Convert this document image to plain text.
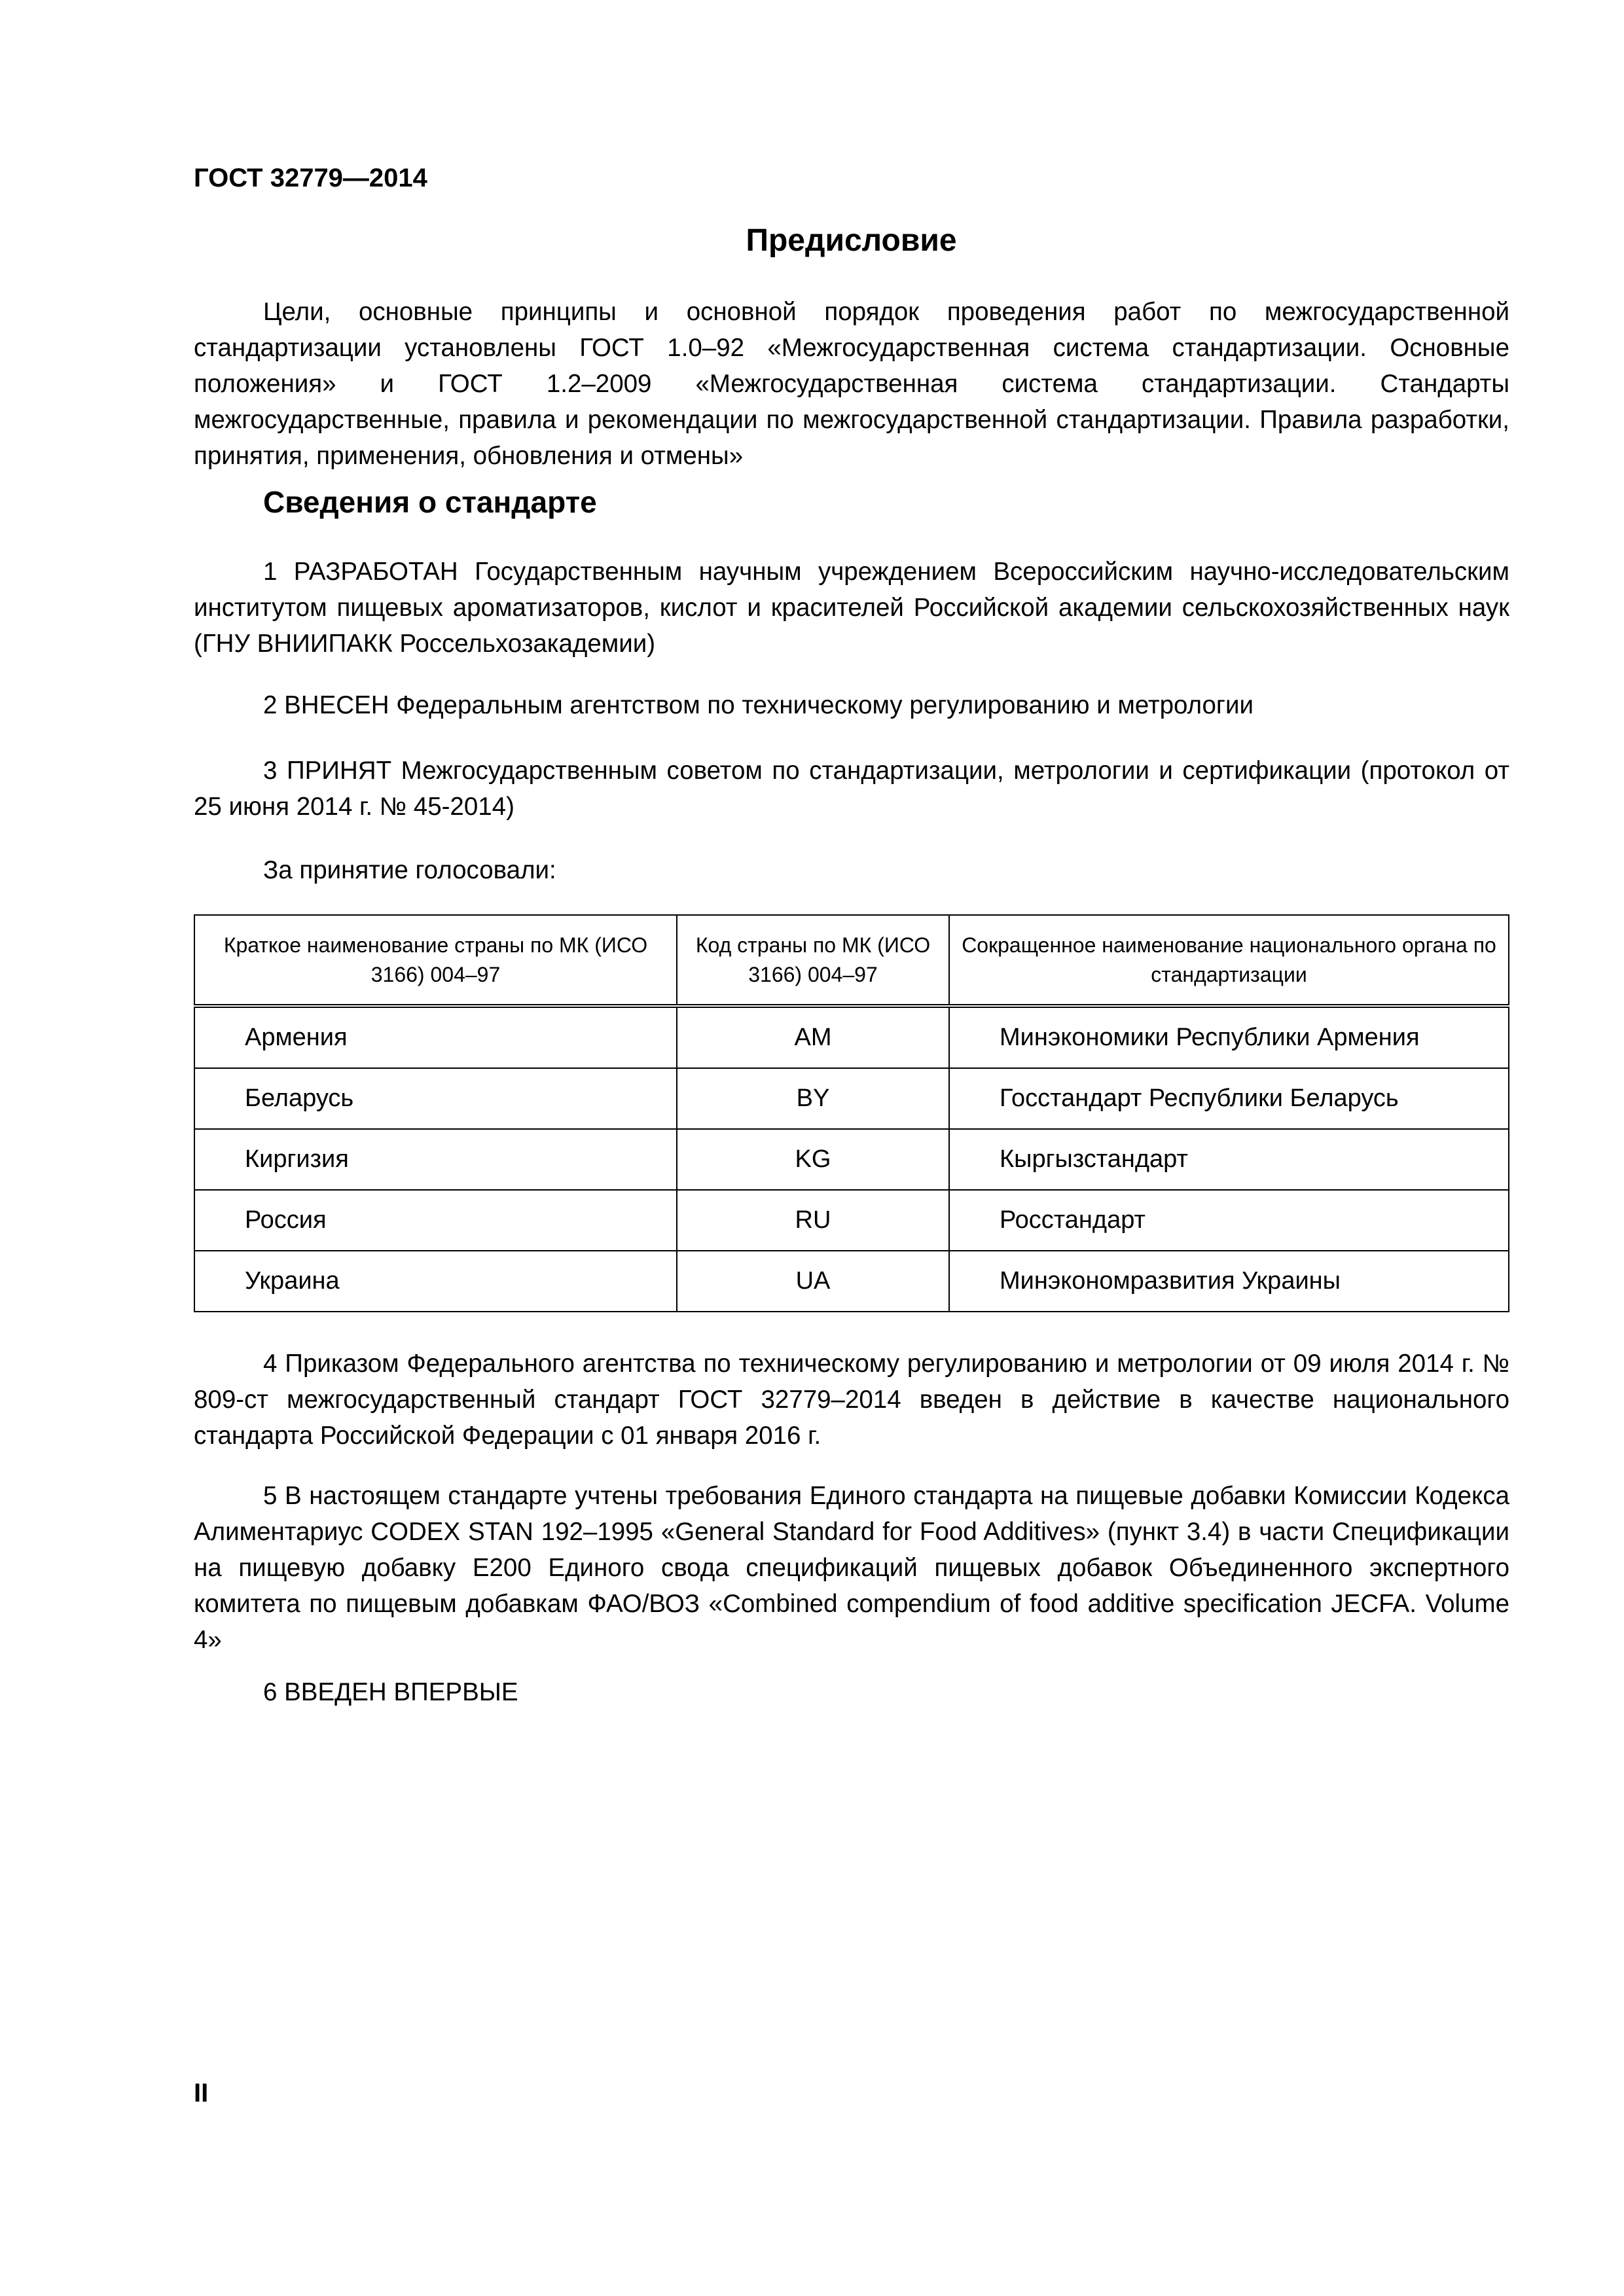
ГОСТ 32779—2014
Предисловие

Цели, основные принципы и основной порядок проведения работ по межгосударственной стандартизации установлены ГОСТ 1.0–92 «Межгосударственная система стандартизации. Основные положения» и ГОСТ 1.2–2009 «Межгосударственная система стандартизации. Стандарты межгосударственные, правила и рекомендации по межгосударственной стандартизации. Правила разработки, принятия, применения, обновления и отмены»

Сведения о стандарте

1 РАЗРАБОТАН Государственным научным учреждением Всероссийским научно-исследовательским институтом пищевых ароматизаторов, кислот и красителей Российской академии сельскохозяйственных наук (ГНУ ВНИИПАКК Россельхозакадемии)

2 ВНЕСЕН Федеральным агентством по техническому регулированию и метрологии

3 ПРИНЯТ Межгосударственным советом по стандартизации, метрологии и сертификации (протокол от 25 июня 2014 г. № 45-2014)

За принятие голосовали:

Краткое наименование страны по МК (ИСО 3166) 004–97	Код страны по МК (ИСО 3166) 004–97	Сокращенное наименование национального органа по стандартизации
Армения	AM	Минэкономики Республики Армения
Беларусь	BY	Госстандарт Республики Беларусь
Киргизия	KG	Кыргызстандарт
Россия	RU	Росстандарт
Украина	UA	Минэкономразвития Украины

4 Приказом Федерального агентства по техническому регулированию и метрологии от 09 июля 2014 г. № 809-ст межгосударственный стандарт ГОСТ 32779–2014 введен в действие в качестве национального стандарта Российской Федерации с 01 января 2016 г.

5 В настоящем стандарте учтены требования Единого стандарта на пищевые добавки Комиссии Кодекса Алиментариус CODEX STAN 192–1995 «General Standard for Food Additives» (пункт 3.4) в части Спецификации на пищевую добавку E200 Единого свода спецификаций пищевых добавок Объединенного экспертного комитета по пищевым добавкам ФАО/ВОЗ «Combined compendium of food additive specification JECFA. Volume 4»

6 ВВЕДЕН ВПЕРВЫЕ

II
